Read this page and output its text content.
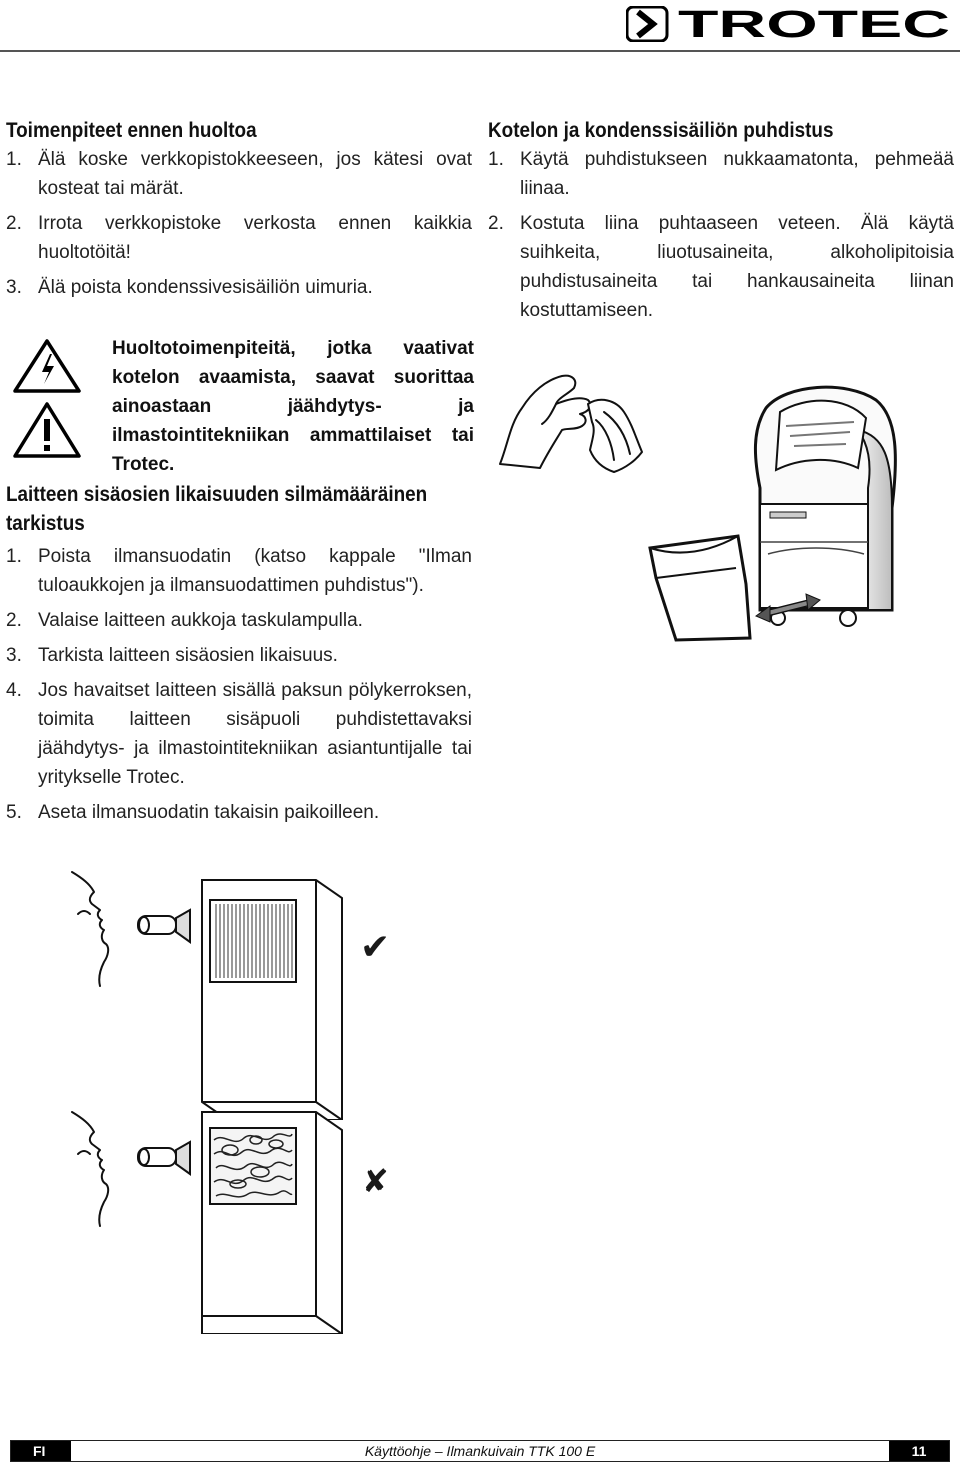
TROTEC
Toimenpiteet ennen huoltoa
1. Älä koske verkkopistokkeeseen, jos kätesi ovat kosteat tai märät.
2. Irrota verkkopistoke verkosta ennen kaikkia huoltotöitä!
3. Älä poista kondenssivesisäiliön uimuria.

Huoltotoimenpiteitä, jotka vaativat kotelon avaamista, saavat suorittaa ainoastaan jäähdytys- ja ilmastointitekniikan ammattilaiset tai Trotec.
Laitteen sisäosien likaisuuden silmämääräinen tarkistus
1. Poista ilmansuodatin (katso kappale "Ilman tuloaukkojen ja ilmansuodattimen puhdistus").
2. Valaise laitteen aukkoja taskulampulla.
3. Tarkista laitteen sisäosien likaisuus.
4. Jos havaitset laitteen sisällä paksun pölykerroksen, toimita laitteen sisäpuoli puhdistettavaksi jäähdytys- ja ilmastointitekniikan asiantuntijalle tai yritykselle Trotec.
5. Aseta ilmansuodatin takaisin paikoilleen.
Kotelon ja kondenssisäiliön puhdistus
1. Käytä puhdistukseen nukkaamatonta, pehmeää liinaa.
2. Kostuta liina puhtaaseen veteen. Älä käytä suihkeita, liuotusaineita, alkoholipitoisia puhdistusaineita tai hankausaineita liinan kostuttamiseen.
✔
✘
FI	Käyttöohje – Ilmankuivain TTK 100 E	11
